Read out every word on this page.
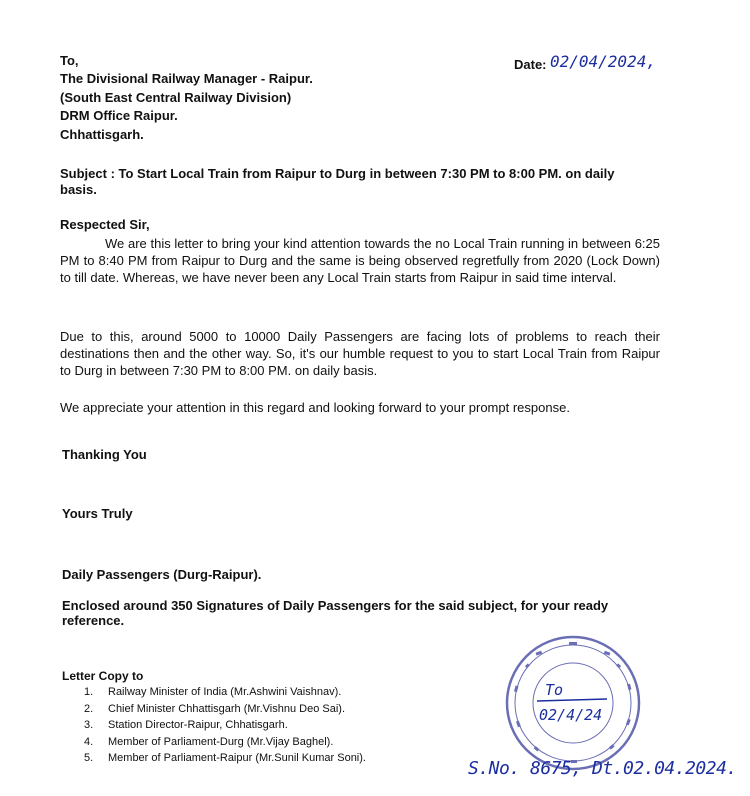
Date: 02/04/2024,
To,
The Divisional Railway Manager - Raipur.
(South East Central Railway Division)
DRM Office Raipur.
Chhattisgarh.
Subject : To Start Local Train from Raipur to Durg in between 7:30 PM to 8:00 PM. on daily
basis.
Respected Sir,
We are this letter to bring your kind attention towards the no Local Train running in between 6:25 PM to 8:40 PM from Raipur to Durg and the same is being observed regretfully from 2020 (Lock Down) to till date. Whereas, we have never been any Local Train starts from Raipur in said time interval.
Due to this, around 5000 to 10000 Daily Passengers are facing lots of problems to reach their destinations then and the other way. So, it's our humble request to you to start Local Train from Raipur to Durg in between 7:30 PM to 8:00 PM. on daily basis.
We appreciate your attention in this regard and looking forward to your prompt response.
Thanking You
Yours Truly
Daily Passengers (Durg-Raipur).
Enclosed around 350 Signatures of Daily Passengers for the said subject, for your ready
reference.
Letter Copy to
1. Railway Minister of India (Mr.Ashwini Vaishnav).
2. Chief Minister Chhattisgarh (Mr.Vishnu Deo Sai).
3. Station Director-Raipur, Chhatisgarh.
4. Member of Parliament-Durg (Mr.Vijay Baghel).
5. Member of Parliament-Raipur (Mr.Sunil Kumar Soni).
To
02/4/24
S.No. 8675, Dt.02.04.2024.
